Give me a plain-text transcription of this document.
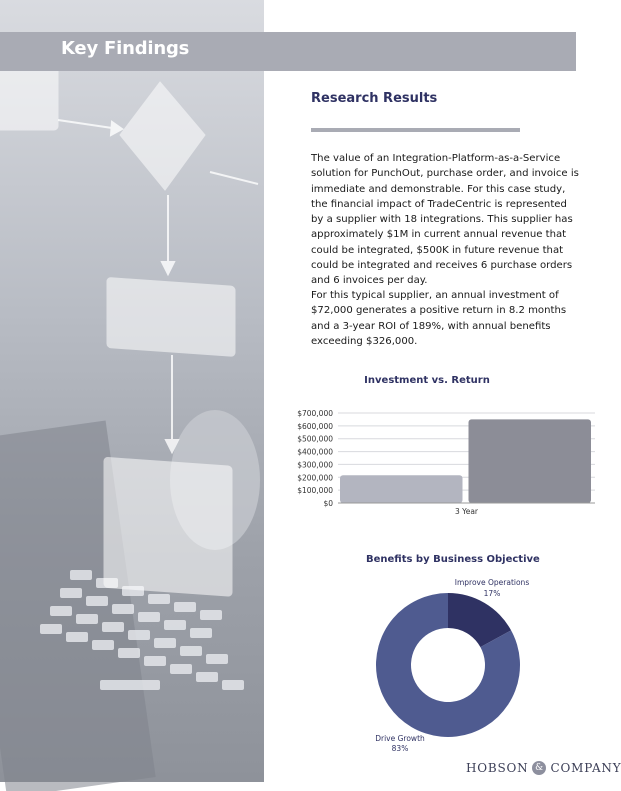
Key Findings
Research Results

The value of an Integration-Platform-as-a-Service solution for PunchOut, purchase order, and invoice is immediate and demonstrable. For this case study, the financial impact of TradeCentric is represented by a supplier with 18 integrations. This supplier has approximately $1M in current annual revenue that could be integrated, $500K in future revenue that could be integrated and receives 6 purchase orders and 6 invoices per day.

For this typical supplier, an annual investment of $72,000 generates a positive return in 8.2 months and a 3-year ROI of 189%, with annual benefits exceeding $326,000.

Investment vs. Return
$0
$100,000
$200,000
$300,000
$400,000
$500,000
$600,000
$700,000
3 Year
Benefits by Business Objective
Improve Operations
17%
Drive Growth
83%
HOBSON & COMPANY
